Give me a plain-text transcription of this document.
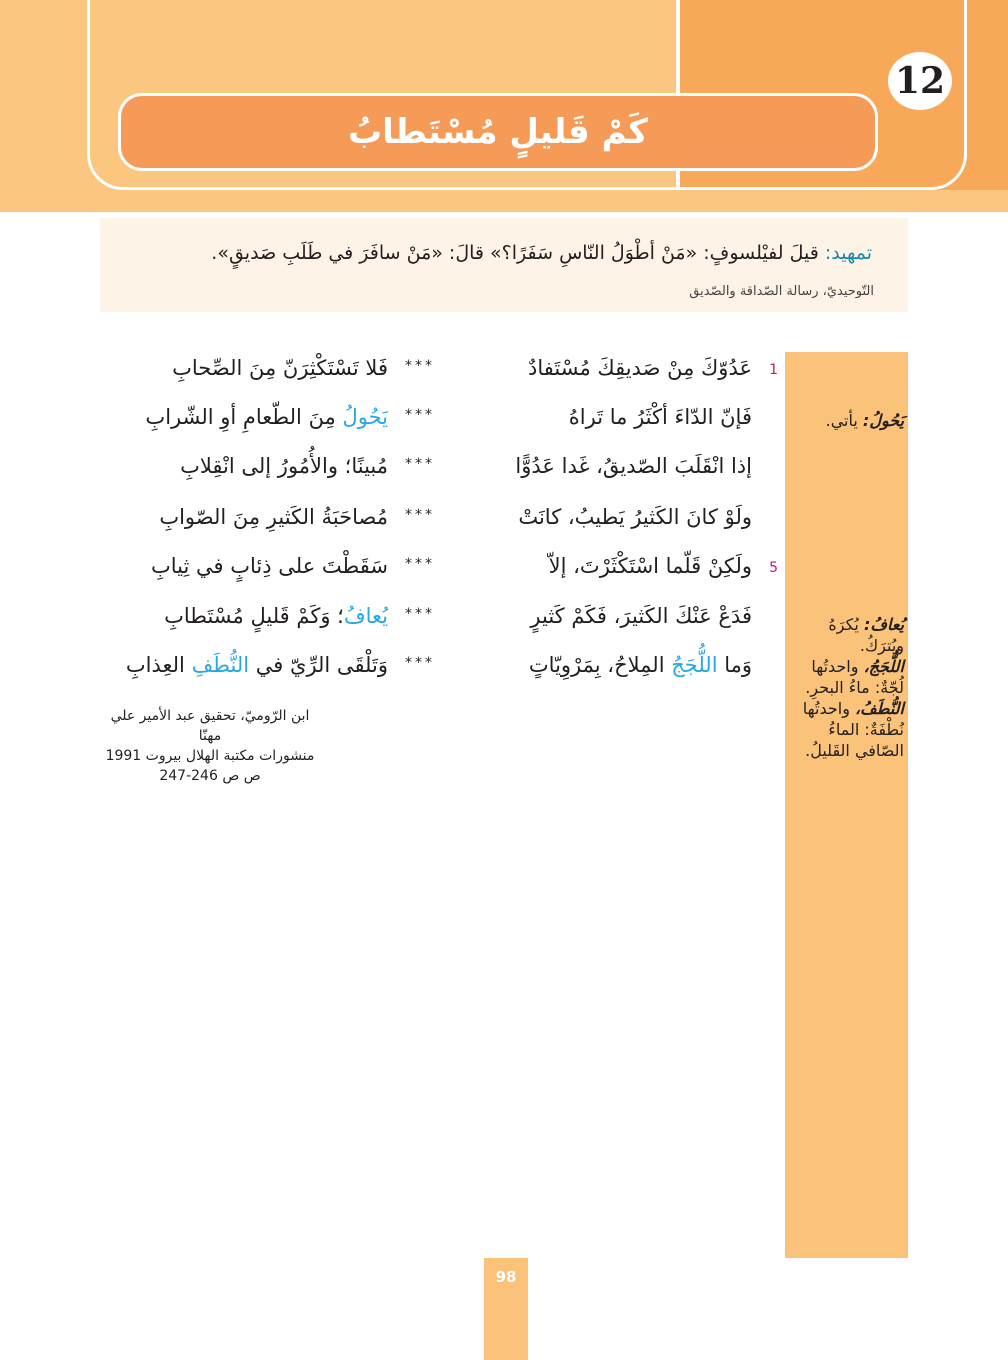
كَمْ قَليلٍ مُسْتَطابُ
12
تمهيد: قيلَ لفيْلسوفٍ: «مَنْ أطْوَلُ النّاسِ سَفَرًا؟» قالَ: «مَنْ سافَرَ في طَلَبِ صَديقٍ».
التّوحيديّ، رسالة الصّداقة والصّديق
يَحُولُ: يأتي.
يُعافُ: يُكرَهُ ويُترَكُ.
اللُّجَجُ، واحدتُها لُجّةٌ: ماءُ البحرِ.
النُّطَفُ، واحدتُها نُطْفَةٌ: الماءُ الصّافي القَليلُ.
1
عَدُوّكَ مِنْ صَديقِكَ مُسْتَفادٌ
***
فَلا تَسْتَكْثِرَنّ مِنَ الصِّحابِ
فَإنّ الدّاءَ أكْثَرُ ما تَراهُ
***
يَحُولُ مِنَ الطّعامِ أوِ الشّرابِ
إذا انْقَلَبَ الصّديقُ، غَدا عَدُوًّا
***
مُبينًا؛ والأُمُورُ إلى انْقِلابِ
ولَوْ كانَ الكَثيرُ يَطيبُ، كانَتْ
***
مُصاحَبَةُ الكَثيرِ مِنَ الصّوابِ
5
ولَكِنْ قَلّما اسْتَكْثَرْتَ، إلاّ
***
سَقَطْتَ على ذِئابٍ في ثِيابِ
فَدَعْ عَنْكَ الكَثيرَ، فَكَمْ كَثيرٍ
***
يُعافُ؛ وَكَمْ قَليلٍ مُسْتَطابِ
وَما اللُّجَجُ المِلاحُ، بِمَرْوِيّاتٍ
***
وَتَلْقَى الرِّيّ في النُّطَفِ العِذابِ
ابن الرّوميّ، تحقيق عبد الأمير علي مهنّا
منشورات مكتبة الهلال بيروت 1991
ص ص 246-247
98
